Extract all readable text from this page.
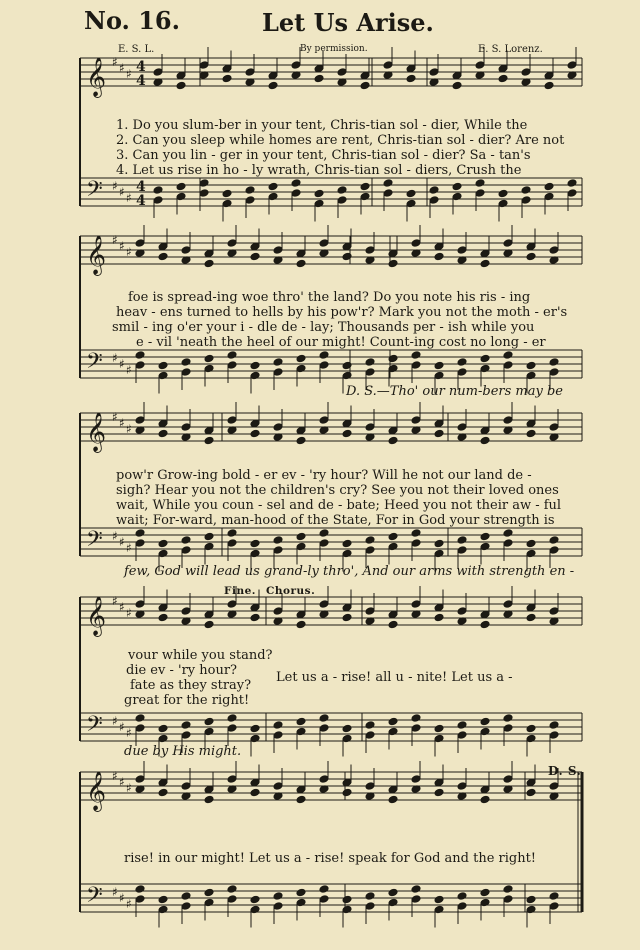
No. 16.	Let Us Arise.
E. S. L.	By permission.	E. S. Lorenz.
𝄞
𝄢
♯
♯
♯
♯
♯
♯
4
4
4
4
𝄞
𝄢
♯
♯
♯
♯
♯
♯
𝄞
𝄢
♯
♯
♯
♯
♯
♯
𝄞
𝄢
♯
♯
♯
♯
♯
♯
𝄞
𝄢
♯
♯
♯
♯
♯
♯
1. Do you slum-ber in your tent, Chris-tian sol - dier, While the
2. Can you sleep while homes are rent, Chris-tian sol - dier? Are not
3. Can you lin - ger in your tent, Chris-tian sol - dier? Sa - tan's
4. Let us rise in ho - ly wrath, Chris-tian sol - diers, Crush the
foe is spread-ing woe thro' the land? Do you note his ris - ing
heav - ens turned to hells by his pow'r? Mark you not the moth - er's
smil - ing o'er your i - dle de - lay; Thousands per - ish while you
e - vil 'neath the heel of our might! Count-ing cost no long - er
D. S.—Tho' our num-bers may be
pow'r Grow-ing bold - er ev - 'ry hour? Will he not our land de -
sigh? Hear you not the children's cry? See you not their loved ones
wait, While you coun - sel and de - bate; Heed you not their aw - ful
wait; For-ward, man-hood of the State, For in God your strength is
few, God will lead us grand-ly thro', And our arms with strength en -
Fine. Chorus.
vour while you stand?
die ev - 'ry hour?
fate as they stray?
great for the right!
Let us a - rise! all u - nite! Let us a -
due by His might.
D. S.
rise! in our might! Let us a - rise! speak for God and the right!
